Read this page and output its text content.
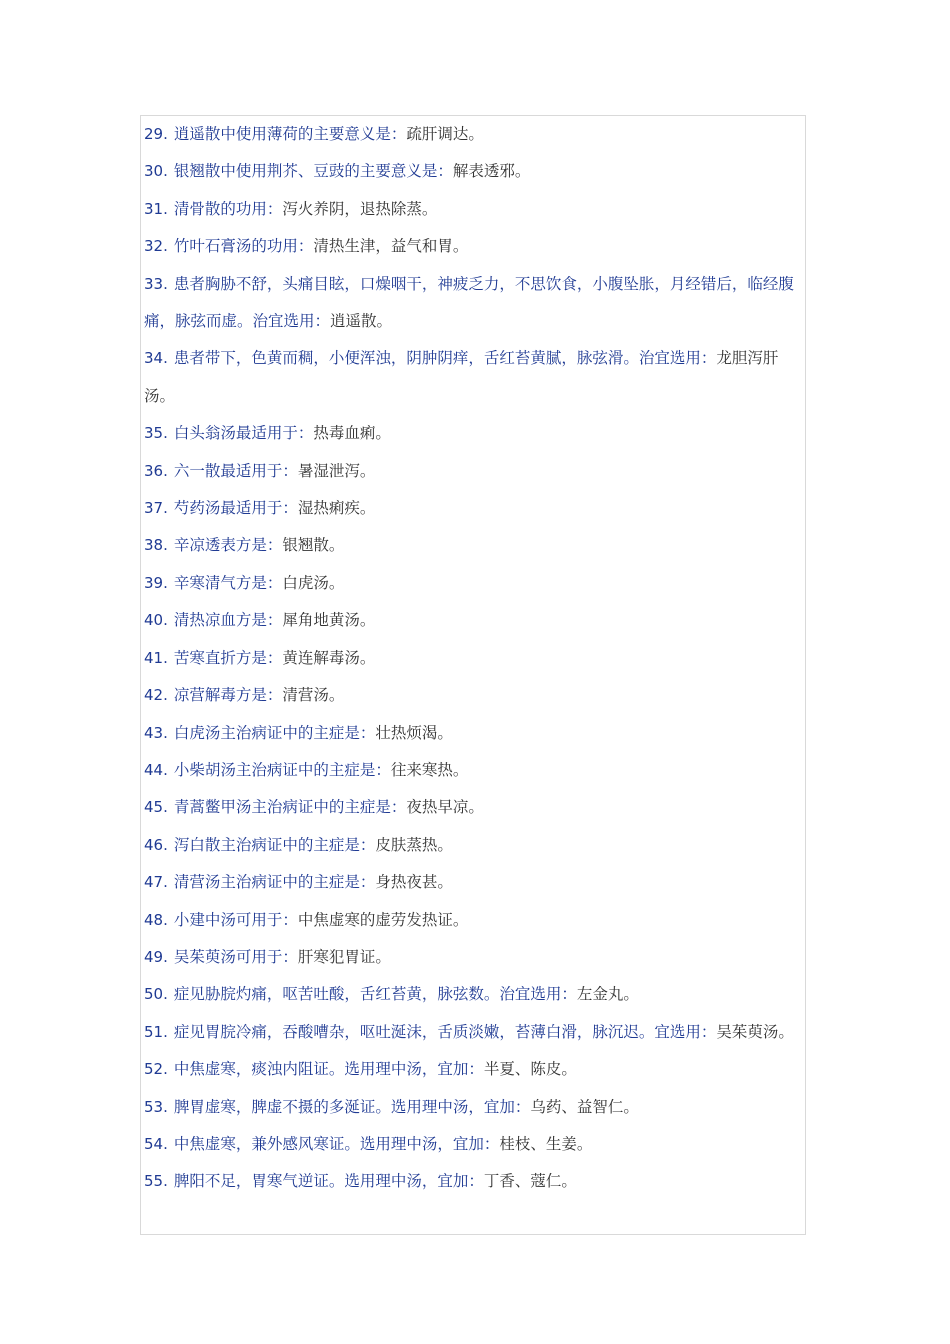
29. 逍遥散中使用薄荷的主要意义是：疏肝调达。
30. 银翘散中使用荆芥、豆豉的主要意义是：解表透邪。
31. 清骨散的功用：泻火养阴，退热除蒸。
32. 竹叶石膏汤的功用：清热生津，益气和胃。
33. 患者胸胁不舒，头痛目眩，口燥咽干，神疲乏力，不思饮食，小腹坠胀，月经错后，临经腹痛，脉弦而虚。治宜选用：逍遥散。
34. 患者带下，色黄而稠，小便浑浊，阴肿阴痒，舌红苔黄腻，脉弦滑。治宜选用：龙胆泻肝汤。
35. 白头翁汤最适用于：热毒血痢。
36. 六一散最适用于：暑湿泄泻。
37. 芍药汤最适用于：湿热痢疾。
38. 辛凉透表方是：银翘散。
39. 辛寒清气方是：白虎汤。
40. 清热凉血方是：犀角地黄汤。
41. 苦寒直折方是：黄连解毒汤。
42. 凉营解毒方是：清营汤。
43. 白虎汤主治病证中的主症是：壮热烦渴。
44. 小柴胡汤主治病证中的主症是：往来寒热。
45. 青蒿鳖甲汤主治病证中的主症是：夜热早凉。
46. 泻白散主治病证中的主症是：皮肤蒸热。
47. 清营汤主治病证中的主症是：身热夜甚。
48. 小建中汤可用于：中焦虚寒的虚劳发热证。
49. 吴茱萸汤可用于：肝寒犯胃证。
50. 症见胁脘灼痛，呕苦吐酸，舌红苔黄，脉弦数。治宜选用：左金丸。
51. 症见胃脘冷痛，吞酸嘈杂，呕吐涎沫，舌质淡嫩，苔薄白滑，脉沉迟。宜选用：吴茱萸汤。
52. 中焦虚寒，痰浊内阻证。选用理中汤，宜加：半夏、陈皮。
53. 脾胃虚寒，脾虚不摄的多涎证。选用理中汤，宜加：乌药、益智仁。
54. 中焦虚寒，兼外感风寒证。选用理中汤，宜加：桂枝、生姜。
55. 脾阳不足，胃寒气逆证。选用理中汤，宜加：丁香、蔻仁。
